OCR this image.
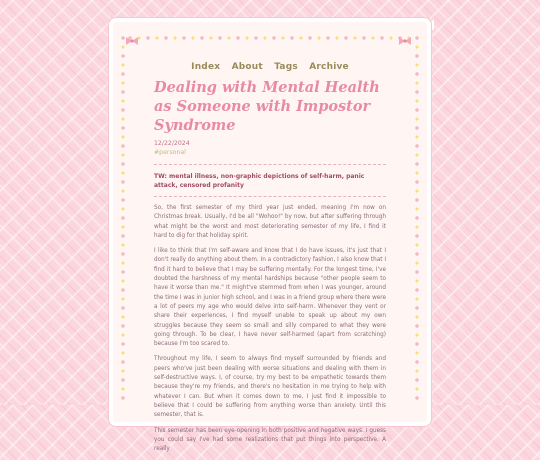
Index About Tags Archive
Dealing with Mental Health as Someone with Impostor Syndrome
12/22/2024
#personal
TW: mental illness, non-graphic depictions of self-harm, panic attack, censored profanity

So, the first semester of my third year just ended, meaning I'm now on Christmas break. Usually, I'd be all "Wohoo!" by now, but after suffering through what might be the worst and most deteriorating semester of my life, I find it hard to dig for that holiday spirit.

I like to think that I'm self-aware and know that I do have issues, it's just that I don't really do anything about them. In a contradictory fashion, I also know that I find it hard to believe that I may be suffering mentally. For the longest time, I've doubted the harshness of my mental hardships because "other people seem to have it worse than me." It might've stemmed from when I was younger, around the time I was in junior high school, and I was in a friend group where there were a lot of peers my age who would delve into self-harm. Whenever they vent or share their experiences, I find myself unable to speak up about my own struggles because they seem so small and silly compared to what they were going through. To be clear, I have never self-harmed (apart from scratching) because I'm too scared to.

Throughout my life, I seem to always find myself surrounded by friends and peers who've just been dealing with worse situations and dealing with them in self-destructive ways. I, of course, try my best to be empathetic towards them because they're my friends, and there's no hesitation in me trying to help with whatever I can. But when it comes down to me, I just find it impossible to believe that I could be suffering from anything worse than anxiety. Until this semester, that is.

This semester has been eye-opening in both positive and negative ways. I guess you could say I've had some realizations that put things into perspective. A really
